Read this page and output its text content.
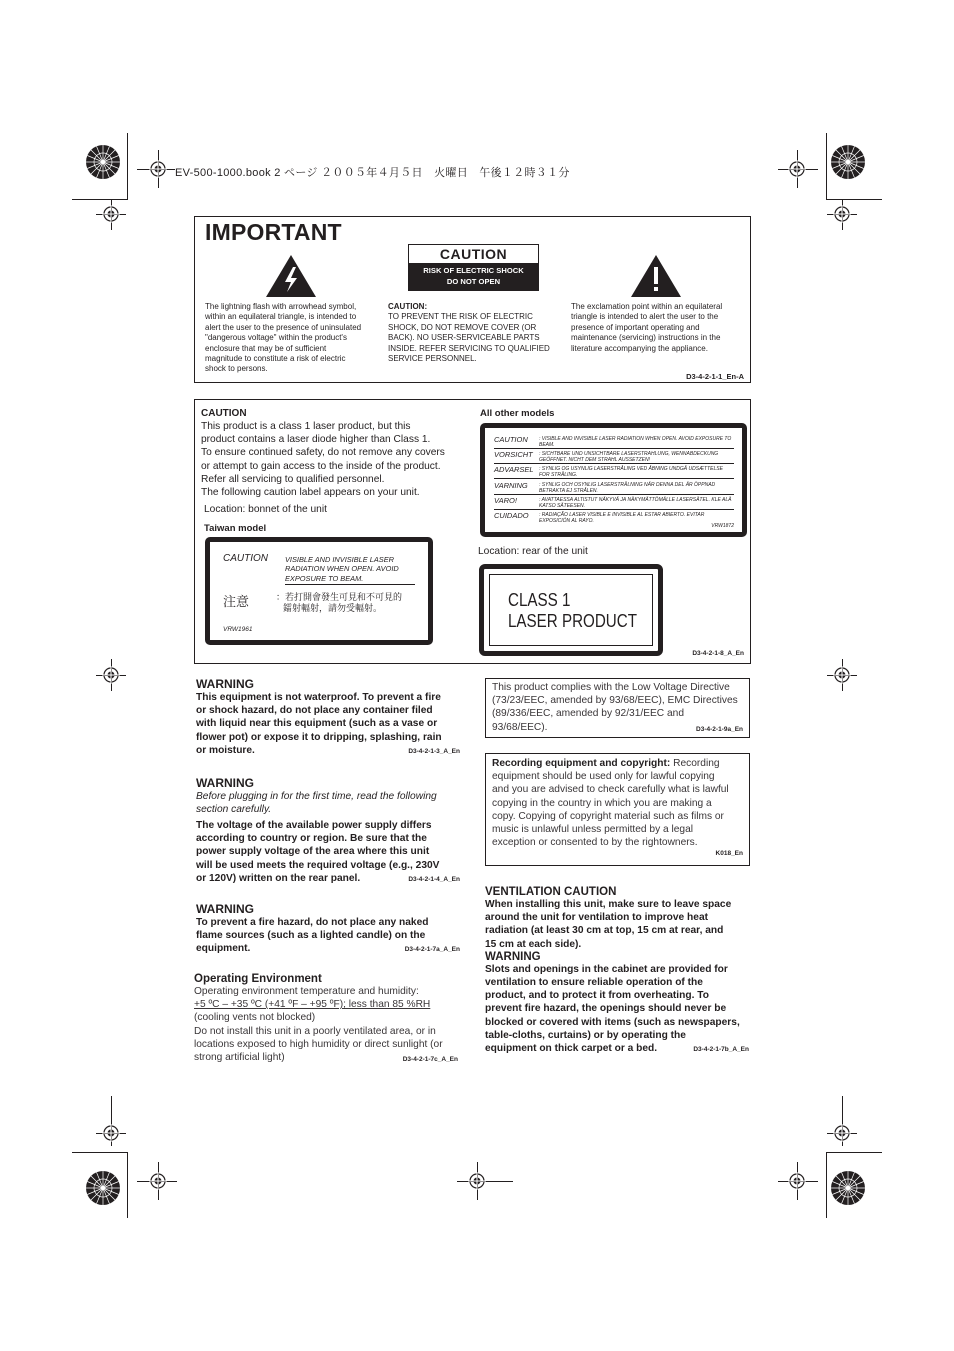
EV-500-1000.book 2 ページ ２００５年４月５日　火曜日　午後１２時３１分
IMPORTANT
CAUTION
RISK OF ELECTRIC SHOCK
DO NOT OPEN
The lightning flash with arrowhead symbol,
within an equilateral triangle, is intended to
alert the user to the presence of uninsulated
"dangerous voltage" within the product's
enclosure that may be of sufficient
magnitude to constitute a risk of electric
shock to persons.
CAUTION:
TO PREVENT THE RISK OF ELECTRIC
SHOCK, DO NOT REMOVE COVER (OR
BACK). NO USER-SERVICEABLE PARTS
INSIDE. REFER SERVICING TO QUALIFIED
SERVICE PERSONNEL.
The exclamation point within an equilateral
triangle is intended to alert the user to the
presence of important operating and
maintenance (servicing) instructions in the
literature accompanying the appliance.
D3-4-2-1-1_En-A
CAUTION
This product is a class 1 laser product, but this
product contains a laser diode higher than Class 1.
To ensure continued safety, do not remove any covers
or attempt to gain access to the inside of the product.
Refer all servicing to qualified personnel.
The following caution label appears on your unit.
Location: bonnet of the unit
Taiwan model
CAUTION VISIBLE AND INVISIBLE LASER
RADIATION WHEN OPEN. AVOID
EXPOSURE TO BEAM.
注意	：若打開會發生可見和不可見的
鐳射輻射，請勿受輻射。
VRW1961
All other models
CAUTION : VISIBLE AND INVISIBLE LASER RADIATION WHEN OPEN. AVOID EXPOSURE TO BEAM.
VORSICHT : SICHTBARE UND UNSICHTBARE LASERSTRAHLUNG, WENNABDECKUNG GEÖFFNET. NICHT DEM STRAHL AUSSETZEN!
ADVARSEL : SYNLIG OG USYNLIG LASERSTRÅLING VED ÅBNING UNDGÅ UDSÆTTELSE FOR STRÅLING.
VARNING : SYNLIG OCH OSYNLIG LASERSTRÅLNING NÄR DENNA DEL ÄR ÖPPNAD BETRAKTA EJ STRÅLEN.
VARO!	: AVATTAESSA ALTISTUT NÄKYVÄ JA NÄKYMÄTTÖMÄLLE LASERSÄTEL. KLE ALÄ KATSO SÄTEESEN.
CUIDADO : RADIAÇÃO LASER VISIBLE E INVISIBLE AL ESTAR ABIERTO. EVITAR EXPOSICIÓN AL RAYO.
VRW1872
Location: rear of the unit
CLASS 1
LASER PRODUCT
D3-4-2-1-8_A_En
WARNING
This equipment is not waterproof. To prevent a fire
or shock hazard, do not place any container filed
with liquid near this equipment (such as a vase or
flower pot) or expose it to dripping, splashing, rain
or moisture.	D3-4-2-1-3_A_En
WARNING
Before plugging in for the first time, read the following
section carefully.
The voltage of the available power supply differs
according to country or region. Be sure that the
power supply voltage of the area where this unit
will be used meets the required voltage (e.g., 230V
or 120V) written on the rear panel.	D3-4-2-1-4_A_En
WARNING
To prevent a fire hazard, do not place any naked
flame sources (such as a lighted candle) on the
equipment.	D3-4-2-1-7a_A_En
Operating Environment
Operating environment temperature and humidity:
+5 ºC – +35 ºC (+41 ºF – +95 ºF); less than 85 %RH
(cooling vents not blocked)
Do not install this unit in a poorly ventilated area, or in
locations exposed to high humidity or direct sunlight (or
strong artificial light)	D3-4-2-1-7c_A_En
This product complies with the Low Voltage Directive
(73/23/EEC, amended by 93/68/EEC), EMC Directives
(89/336/EEC, amended by 92/31/EEC and
93/68/EEC).	D3-4-2-1-9a_En
Recording equipment and copyright: Recording
equipment should be used only for lawful copying
and you are advised to check carefully what is lawful
copying in the country in which you are making a
copy. Copying of copyright material such as films or
music is unlawful unless permitted by a legal
exception or consented to by the rightowners.
K018_En
VENTILATION CAUTION
When installing this unit, make sure to leave space
around the unit for ventilation to improve heat
radiation (at least 30 cm at top, 15 cm at rear, and
15 cm at each side).
WARNING
Slots and openings in the cabinet are provided for
ventilation to ensure reliable operation of the
product, and to protect it from overheating. To
prevent fire hazard, the openings should never be
blocked or covered with items (such as newspapers,
table-cloths, curtains) or by operating the
equipment on thick carpet or a bed.	D3-4-2-1-7b_A_En
